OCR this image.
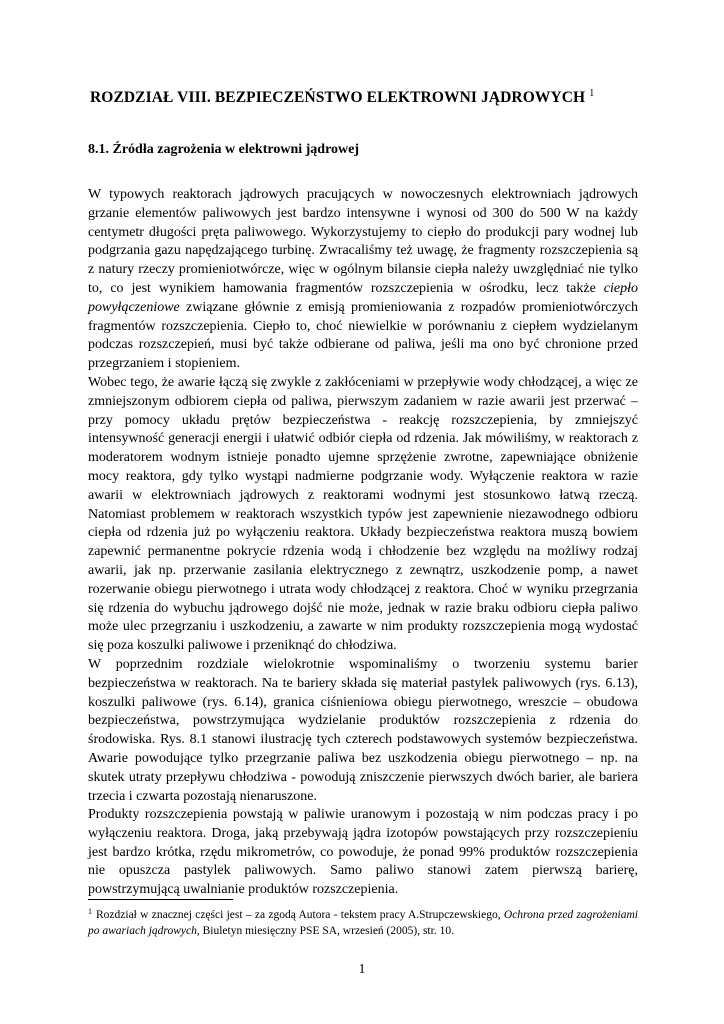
ROZDZIAŁ VIII. BEZPIECZEŃSTWO ELEKTROWNI JĄDROWYCH $^1$
8.1. Źródła zagrożenia w elektrowni jądrowej

W typowych reaktorach jądrowych pracujących w nowoczesnych elektrowniach jądrowych grzanie elementów paliwowych jest bardzo intensywne i wynosi od 300 do 500 W na każdy centymetr długości pręta paliwowego. Wykorzystujemy to ciepło do produkcji pary wodnej lub podgrzania gazu napędzającego turbinę. Zwracaliśmy też uwagę, że fragmenty rozszczepienia są z natury rzeczy promieniotwórcze, więc w ogólnym bilansie ciepła należy uwzględniać nie tylko to, co jest wynikiem hamowania fragmentów rozszczepienia w ośrodku, lecz także ciepło powyłączeniowe związane głównie z emisją promieniowania z rozpadów promieniotwórczych fragmentów rozszczepienia. Ciepło to, choć niewielkie w porównaniu z ciepłem wydzielanym podczas rozszczepień, musi być także odbierane od paliwa, jeśli ma ono być chronione przed przegrzaniem i stopieniem.

Wobec tego, że awarie łączą się zwykle z zakłóceniami w przepływie wody chłodzącej, a więc ze zmniejszonym odbiorem ciepła od paliwa, pierwszym zadaniem w razie awarii jest przerwać – przy pomocy układu prętów bezpieczeństwa - reakcję rozszczepienia, by zmniejszyć intensywność generacji energii i ułatwić odbiór ciepła od rdzenia. Jak mówiliśmy, w reaktorach z moderatorem wodnym istnieje ponadto ujemne sprzężenie zwrotne, zapewniające obniżenie mocy reaktora, gdy tylko wystąpi nadmierne podgrzanie wody. Wyłączenie reaktora w razie awarii w elektrowniach jądrowych z reaktorami wodnymi jest stosunkowo łatwą rzeczą. Natomiast problemem w reaktorach wszystkich typów jest zapewnienie niezawodnego odbioru ciepła od rdzenia już po wyłączeniu reaktora. Układy bezpieczeństwa reaktora muszą bowiem zapewnić permanentne pokrycie rdzenia wodą i chłodzenie bez względu na możliwy rodzaj awarii, jak np. przerwanie zasilania elektrycznego z zewnątrz, uszkodzenie pomp, a nawet rozerwanie obiegu pierwotnego i utrata wody chłodzącej z reaktora. Choć w wyniku przegrzania się rdzenia do wybuchu jądrowego dojść nie może, jednak w razie braku odbioru ciepła paliwo może ulec przegrzaniu i uszkodzeniu, a zawarte w nim produkty rozszczepienia mogą wydostać się poza koszulki paliwowe i przeniknąć do chłodziwa.

W poprzednim rozdziale wielokrotnie wspominaliśmy o tworzeniu systemu barier bezpieczeństwa w reaktorach. Na te bariery składa się materiał pastylek paliwowych (rys. 6.13), koszulki paliwowe (rys. 6.14), granica ciśnieniowa obiegu pierwotnego, wreszcie – obudowa bezpieczeństwa, powstrzymująca wydzielanie produktów rozszczepienia z rdzenia do środowiska. Rys. 8.1 stanowi ilustrację tych czterech podstawowych systemów bezpieczeństwa. Awarie powodujące tylko przegrzanie paliwa bez uszkodzenia obiegu pierwotnego – np. na skutek utraty przepływu chłodziwa - powodują zniszczenie pierwszych dwóch barier, ale bariera trzecia i czwarta pozostają nienaruszone.

Produkty rozszczepienia powstają w paliwie uranowym i pozostają w nim podczas pracy i po wyłączeniu reaktora. Droga, jaką przebywają jądra izotopów powstających przy rozszczepieniu jest bardzo krótka, rzędu mikrometrów, co powoduje, że ponad 99% produktów rozszczepienia nie opuszcza pastylek paliwowych. Samo paliwo stanowi zatem pierwszą barierę, powstrzymującą uwalnianie produktów rozszczepienia.

$^1$ Rozdział w znacznej części jest – za zgodą Autora - tekstem pracy A.Strupczewskiego, Ochrona przed zagrożeniami po awariach jądrowych, Biuletyn miesięczny PSE SA, wrzesień (2005), str. 10.

1
